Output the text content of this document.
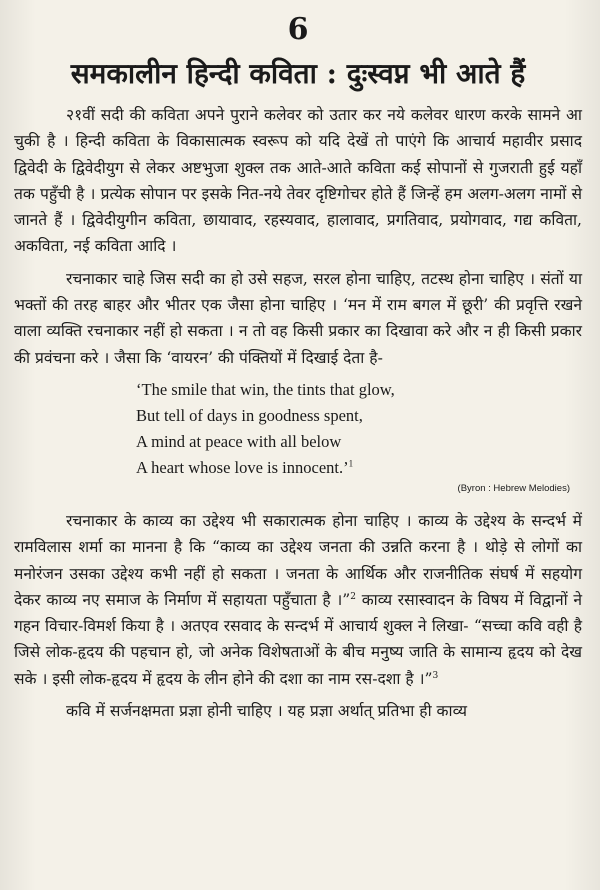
6
समकालीन हिन्दी कविता : दुःस्वप्न भी आते हैं

२१वीं सदी की कविता अपने पुराने कलेवर को उतार कर नये कलेवर धारण करके सामने आ चुकी है । हिन्दी कविता के विकासात्मक स्वरूप को यदि देखें तो पाएंगे कि आचार्य महावीर प्रसाद द्विवेदी के द्विवेदीयुग से लेकर अष्टभुजा शुक्ल तक आते-आते कविता कई सोपानों से गुजराती हुई यहाँ तक पहुँची है । प्रत्येक सोपान पर इसके नित-नये तेवर दृष्टिगोचर होते हैं जिन्हें हम अलग-अलग नामों से जानते हैं । द्विवेदीयुगीन कविता, छायावाद, रहस्यवाद, हालावाद, प्रगतिवाद, प्रयोगवाद, गद्य कविता, अकविता, नई कविता आदि ।

रचनाकार चाहे जिस सदी का हो उसे सहज, सरल होना चाहिए, तटस्थ होना चाहिए । संतों या भक्तों की तरह बाहर और भीतर एक जैसा होना चाहिए । ‘मन में राम बगल में छूरी’ की प्रवृत्ति रखने वाला व्यक्ति रचनाकार नहीं हो सकता । न तो वह किसी प्रकार का दिखावा करे और न ही किसी प्रकार की प्रवंचना करे । जैसा कि ‘वायरन’ की पंक्तियों में दिखाई देता है-

‘The smile that win, the tints that glow,
But tell of days in goodness spent,
A mind at peace with all below
A heart whose love is innocent.’$^1$
(Byron : Hebrew Melodies)

रचनाकार के काव्य का उद्देश्य भी सकारात्मक होना चाहिए । काव्य के उद्देश्य के सन्दर्भ में रामविलास शर्मा का मानना है कि “काव्य का उद्देश्य जनता की उन्नति करना है । थोड़े से लोगों का मनोरंजन उसका उद्देश्य कभी नहीं हो सकता । जनता के आर्थिक और राजनीतिक संघर्ष में सहयोग देकर काव्य नए समाज के निर्माण में सहायता पहुँचाता है ।”$^2$ काव्य रसास्वादन के विषय में विद्वानों ने गहन विचार-विमर्श किया है । अतएव रसवाद के सन्दर्भ में आचार्य शुक्ल ने लिखा- “सच्चा कवि वही है जिसे लोक-हृदय की पहचान हो, जो अनेक विशेषताओं के बीच मनुष्य जाति के सामान्य हृदय को देख सके । इसी लोक-हृदय में हृदय के लीन होने की दशा का नाम रस-दशा है ।”$^3$

कवि में सर्जनक्षमता प्रज्ञा होनी चाहिए । यह प्रज्ञा अर्थात् प्रतिभा ही काव्य
